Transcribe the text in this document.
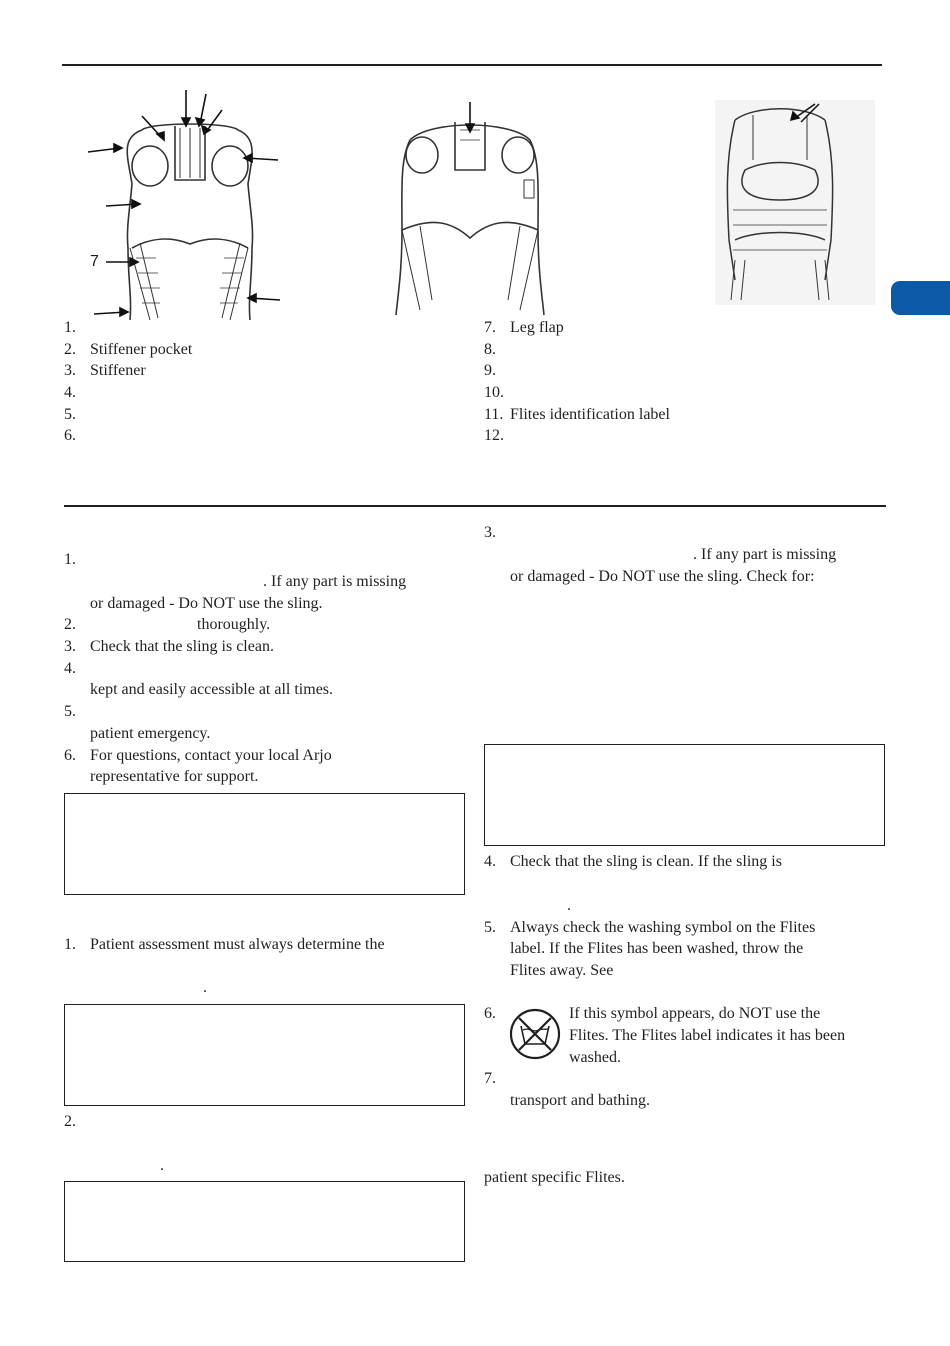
7
1.
2. Stiffener pocket
3. Stiffener
4.
5.
6.
7. Leg flap
8.
9.
10.
11. Flites identification label
12.
1.
. If any part is missing
or damaged - Do NOT use the sling.
2.	thoroughly.
3. Check that the sling is clean.
4.
kept and easily accessible at all times.
5.
patient emergency.
6. For questions, contact your local Arjo
representative for support.
1. Patient assessment must always determine the
.
2.
.
3.
. If any part is missing
or damaged - Do NOT use the sling. Check for:
4. Check that the sling is clean. If the sling is
.
5. Always check the washing symbol on the Flites
label. If the Flites has been washed, throw the
Flites away. See
6.	If this symbol appears, do NOT use the
Flites. The Flites label indicates it has been
washed.
7.
transport and bathing.
patient specific Flites.
